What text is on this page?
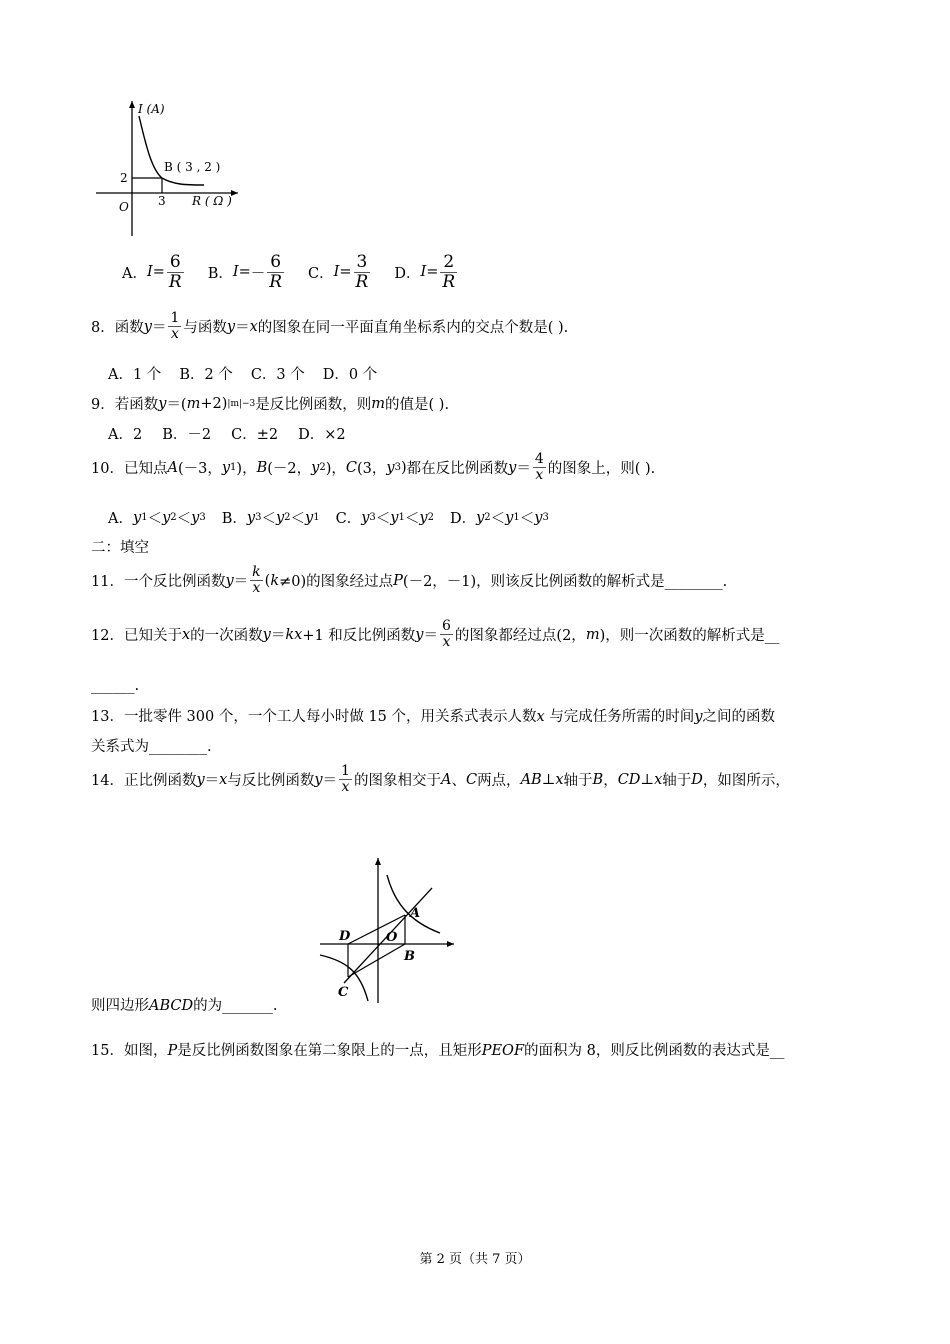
I (A)
B ( 3 , 2 )
2
3
O	R ( Ω )
A． $I = \frac{6}{R}$ B． I = － $\frac{6}{R}$ C． $I = \frac{3}{R}$ D． $I = \frac{2}{R}$
8． 函数 $y = \frac{1}{x}$ 与函数 y ＝ x 的图象在同一平面直角坐标系内的交点个数是( ).
A．1 个 B．2 个 C．3 个 D．0 个
9． 若函数 y ＝( m +2) |m|−3 是反比例函数，则 m 的值是( ).
A．2 B．－2 C．±2 D．×2
10． 已知点 A (－3， y 1 )， B (－2， y 2 )， C (3， y 3 ) 都在反比例函数 $y = \frac{4}{x}$ 的图象上，则( ).
A． y 1 ＜ y 2 ＜ y 3 B． y 3 ＜ y 2 ＜ y 1 C． y 3 ＜ y 1 ＜ y 2 D． y 2 ＜ y 1 ＜ y 3
二：填空
11． 一个反比例函数 $y = \frac{k}{x}$ ( k ≠0)的图象经过点 P (－2，－1)，则该反比例函数的解析式是________.
12． 已知关于 x 的一次函数 y ＝ kx +1 和反比例函数 $y = \frac{6}{x}$ 的图象都经过点(2， m )，则一次函数的解析式是__
______.
13．一批零件 300 个，一个工人每小时做 15 个，用关系式表示人数x 与完成任务所需的时间y之间的函数
关系式为________.
14． 正比例函数 y ＝ x 与反比例函数 $y = \frac{1}{x}$ 的图象相交于 A 、 C 两点， AB ⊥ x 轴于 B ， CD ⊥ x 轴于 D ，如图所示，
A
B
C
D	O
则四边形ABCD的为_______.
15．如图，P是反比例函数图象在第二象限上的一点，且矩形PEOF的面积为 8，则反比例函数的表达式是__
第 2 页（共 7 页）
